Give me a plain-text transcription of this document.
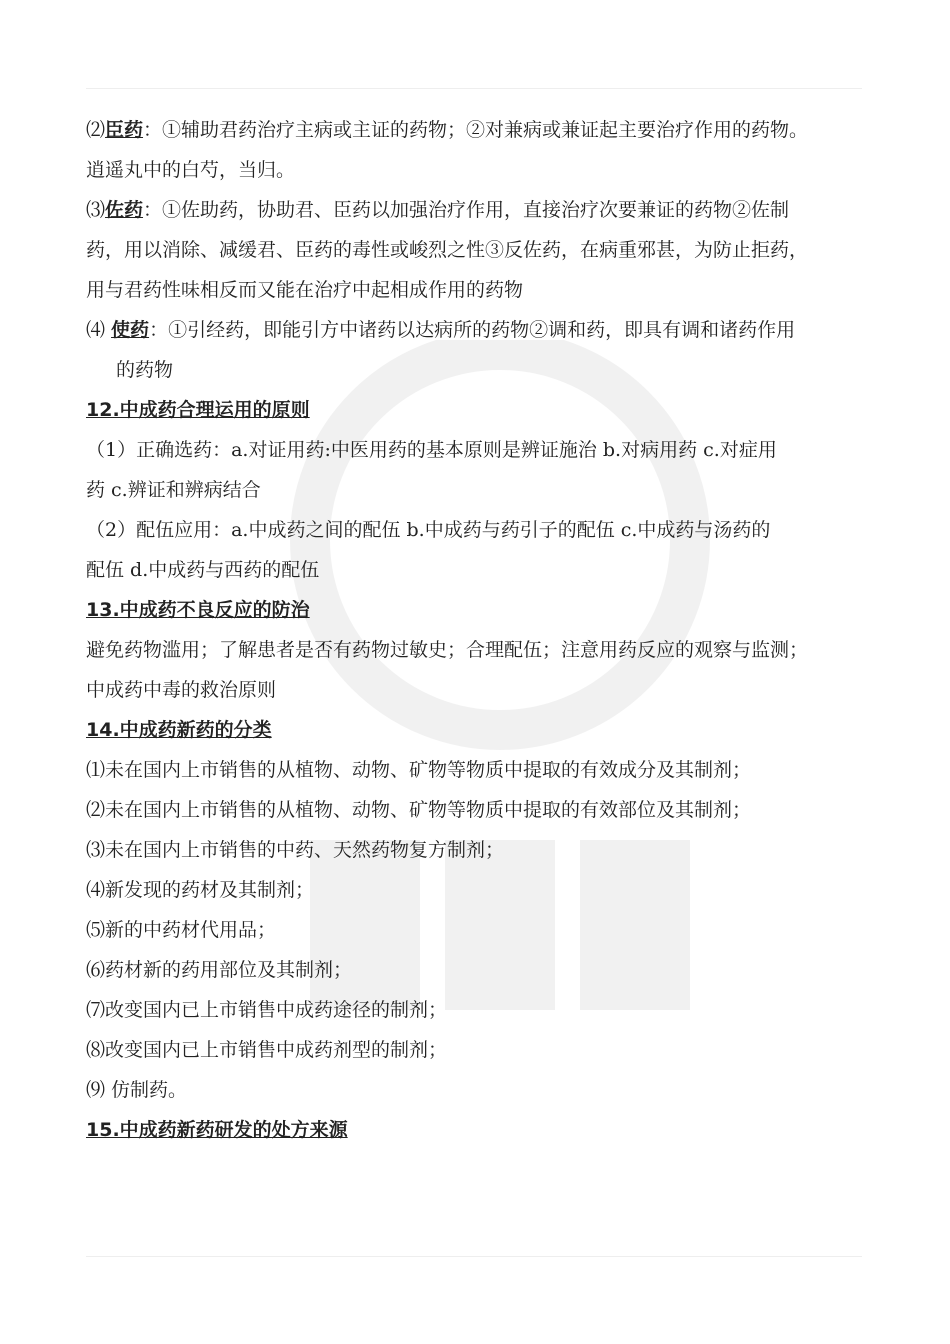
⑵臣药：①辅助君药治疗主病或主证的药物；②对兼病或兼证起主要治疗作用的药物。
逍遥丸中的白芍，当归。
⑶佐药：①佐助药，协助君、臣药以加强治疗作用，直接治疗次要兼证的药物②佐制
药，用以消除、减缓君、臣药的毒性或峻烈之性③反佐药，在病重邪甚，为防止拒药，
用与君药性味相反而又能在治疗中起相成作用的药物
⑷ 使药：①引经药，即能引方中诸药以达病所的药物②调和药，即具有调和诸药作用
的药物
12.中成药合理运用的原则
（1）正确选药：a.对证用药:中医用药的基本原则是辨证施治 b.对病用药 c.对症用
药 c.辨证和辨病结合
（2）配伍应用：a.中成药之间的配伍 b.中成药与药引子的配伍 c.中成药与汤药的
配伍 d.中成药与西药的配伍
13.中成药不良反应的防治
避免药物滥用；了解患者是否有药物过敏史；合理配伍；注意用药反应的观察与监测；
中成药中毒的救治原则
14.中成药新药的分类
⑴未在国内上市销售的从植物、动物、矿物等物质中提取的有效成分及其制剂；
⑵未在国内上市销售的从植物、动物、矿物等物质中提取的有效部位及其制剂；
⑶未在国内上市销售的中药、天然药物复方制剂；
⑷新发现的药材及其制剂；
⑸新的中药材代用品；
⑹药材新的药用部位及其制剂；
⑺改变国内已上市销售中成药途径的制剂；
⑻改变国内已上市销售中成药剂型的制剂；
⑼ 仿制药。
15.中成药新药研发的处方来源
